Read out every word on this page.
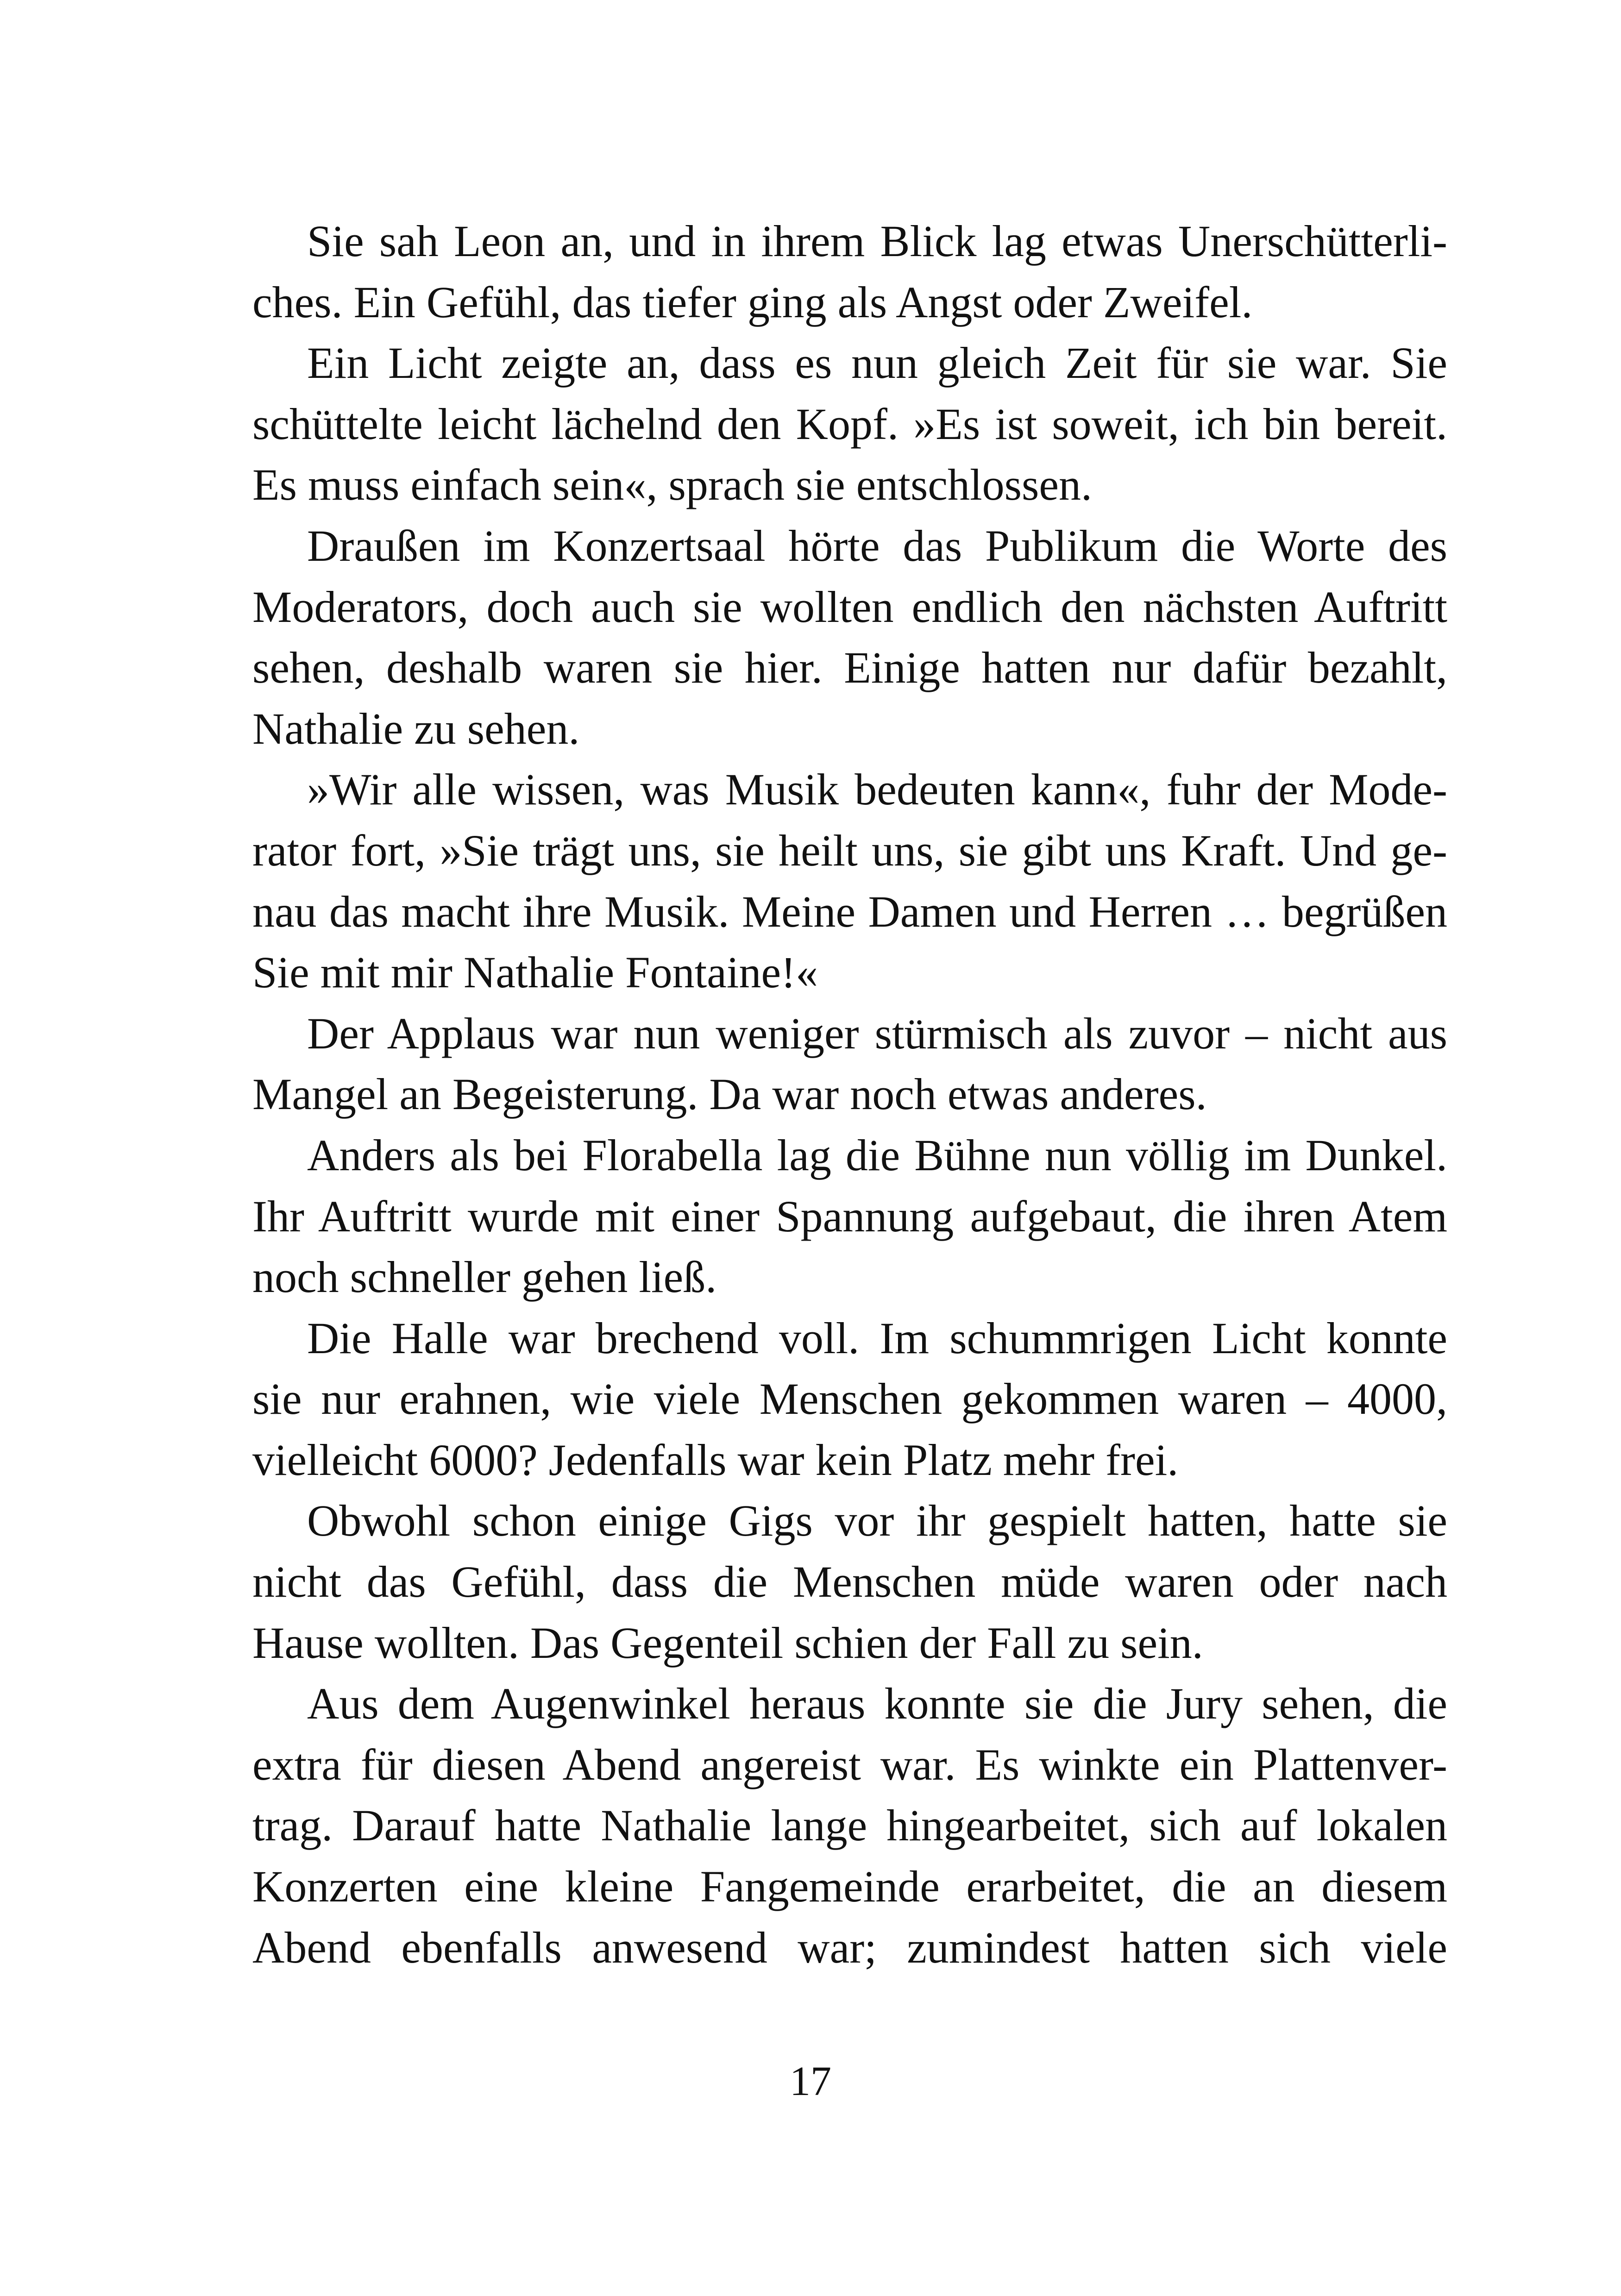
Sie sah Leon an, und in ihrem Blick lag etwas Unerschütterli-
ches. Ein Gefühl, das tiefer ging als Angst oder Zweifel.
Ein Licht zeigte an, dass es nun gleich Zeit für sie war. Sie
schüttelte leicht lächelnd den Kopf. »Es ist soweit, ich bin bereit.
Es muss einfach sein«, sprach sie entschlossen.
Draußen im Konzertsaal hörte das Publikum die Worte des
Moderators, doch auch sie wollten endlich den nächsten Auftritt
sehen, deshalb waren sie hier. Einige hatten nur dafür bezahlt,
Nathalie zu sehen.
»Wir alle wissen, was Musik bedeuten kann«, fuhr der Mode-
rator fort, »Sie trägt uns, sie heilt uns, sie gibt uns Kraft. Und ge-
nau das macht ihre Musik. Meine Damen und Herren … begrüßen
Sie mit mir Nathalie Fontaine!«
Der Applaus war nun weniger stürmisch als zuvor – nicht aus
Mangel an Begeisterung. Da war noch etwas anderes.
Anders als bei Florabella lag die Bühne nun völlig im Dunkel.
Ihr Auftritt wurde mit einer Spannung aufgebaut, die ihren Atem
noch schneller gehen ließ.
Die Halle war brechend voll. Im schummrigen Licht konnte
sie nur erahnen, wie viele Menschen gekommen waren – 4000,
vielleicht 6000? Jedenfalls war kein Platz mehr frei.
Obwohl schon einige Gigs vor ihr gespielt hatten, hatte sie
nicht das Gefühl, dass die Menschen müde waren oder nach
Hause wollten. Das Gegenteil schien der Fall zu sein.
Aus dem Augenwinkel heraus konnte sie die Jury sehen, die
extra für diesen Abend angereist war. Es winkte ein Plattenver-
trag. Darauf hatte Nathalie lange hingearbeitet, sich auf lokalen
Konzerten eine kleine Fangemeinde erarbeitet, die an diesem
Abend ebenfalls anwesend war; zumindest hatten sich viele
17
